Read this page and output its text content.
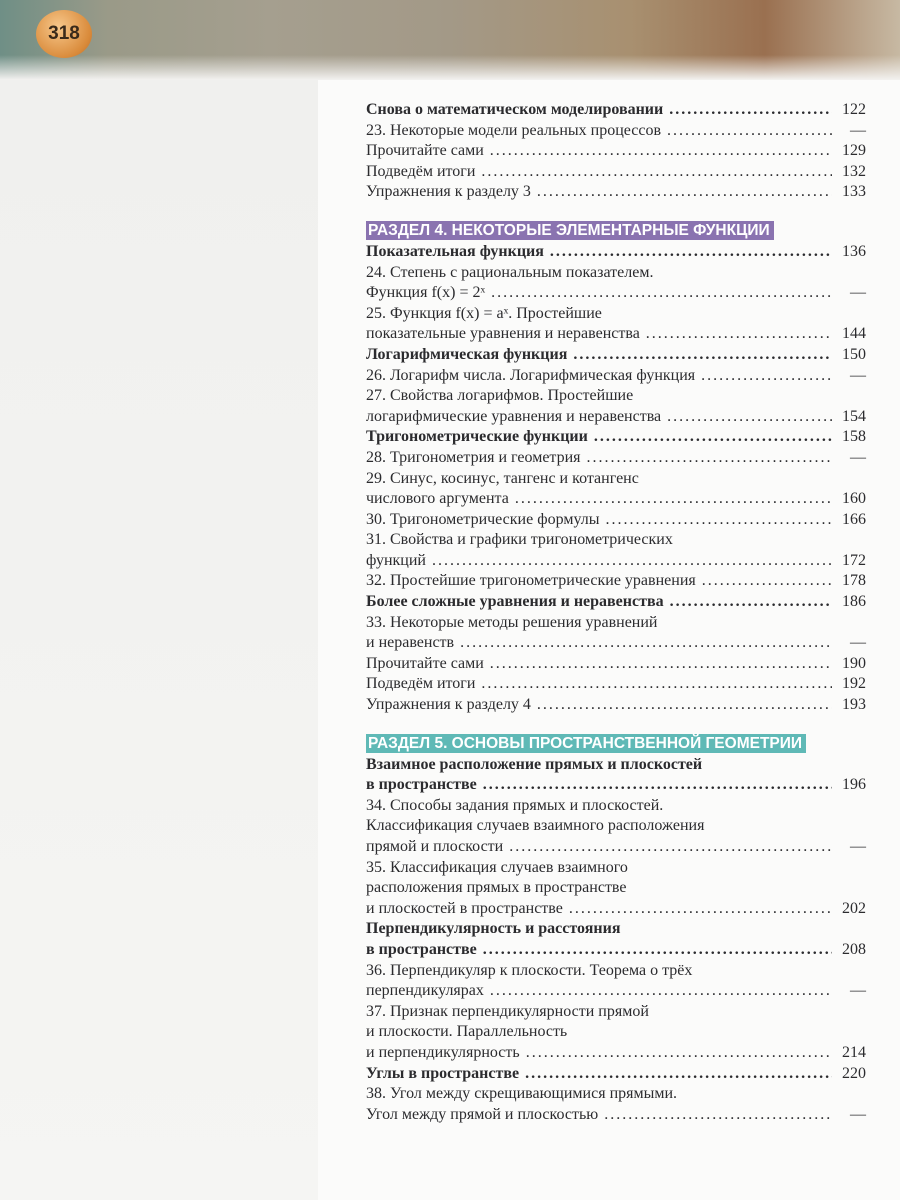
318
Снова о математическом моделировании .....	122
23. Некоторые модели реальных процессов .....	—
Прочитайте сами .....	129
Подведём итоги .....	132
Упражнения к разделу 3 .....	133
РАЗДЕЛ 4. НЕКОТОРЫЕ ЭЛЕМЕНТАРНЫЕ ФУНКЦИИ
Показательная функция .....	136
24. Степень с рациональным показателем.
Функция f(x) = 2ˣ .....	—
25. Функция f(x) = aˣ. Простейшие
показательные уравнения и неравенства .....	144
Логарифмическая функция .....	150
26. Логарифм числа. Логарифмическая функция .....	—
27. Свойства логарифмов. Простейшие
логарифмические уравнения и неравенства .....	154
Тригонометрические функции .....	158
28. Тригонометрия и геометрия .....	—
29. Синус, косинус, тангенс и котангенс
числового аргумента .....	160
30. Тригонометрические формулы .....	166
31. Свойства и графики тригонометрических
функций .....	172
32. Простейшие тригонометрические уравнения .....	178
Более сложные уравнения и неравенства .....	186
33. Некоторые методы решения уравнений
и неравенств .....	—
Прочитайте сами .....	190
Подведём итоги .....	192
Упражнения к разделу 4 .....	193
РАЗДЕЛ 5. ОСНОВЫ ПРОСТРАНСТВЕННОЙ ГЕОМЕТРИИ
Взаимное расположение прямых и плоскостей
в пространстве .....	196
34. Способы задания прямых и плоскостей.
Классификация случаев взаимного расположения
прямой и плоскости .....	—
35. Классификация случаев взаимного
расположения прямых в пространстве
и плоскостей в пространстве .....	202
Перпендикулярность и расстояния
в пространстве .....	208
36. Перпендикуляр к плоскости. Теорема о трёх
перпендикулярах .....	—
37. Признак перпендикулярности прямой
и плоскости. Параллельность
и перпендикулярность .....	214
Углы в пространстве .....	220
38. Угол между скрещивающимися прямыми.
Угол между прямой и плоскостью .....	—
